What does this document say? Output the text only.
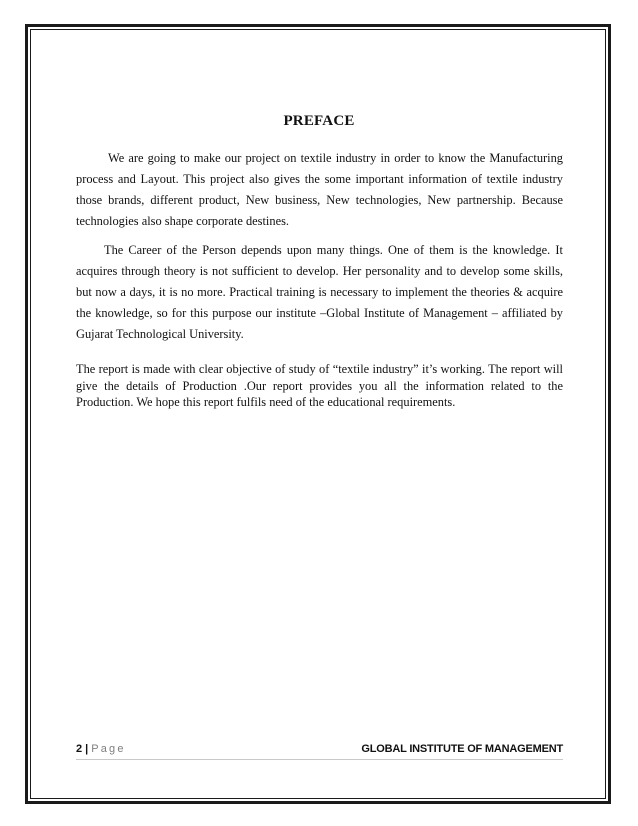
PREFACE

We are going to make our project on textile industry in order to know the Manufacturing process and Layout. This project also gives the some important information of textile industry those brands, different product, New business, New technologies, New partnership. Because technologies also shape corporate destines.

The Career of the Person depends upon many things. One of them is the knowledge. It acquires through theory is not sufficient to develop. Her personality and to develop some skills, but now a days, it is no more. Practical training is necessary to implement the theories & acquire the knowledge, so for this purpose our institute –Global Institute of Management – affiliated by Gujarat Technological University.

The report is made with clear objective of study of “textile industry” it’s working. The report will give the details of Production .Our report provides you all the information related to the Production. We hope this report fulfils need of the educational requirements.

2 | Page	GLOBAL INSTITUTE OF MANAGEMENT
